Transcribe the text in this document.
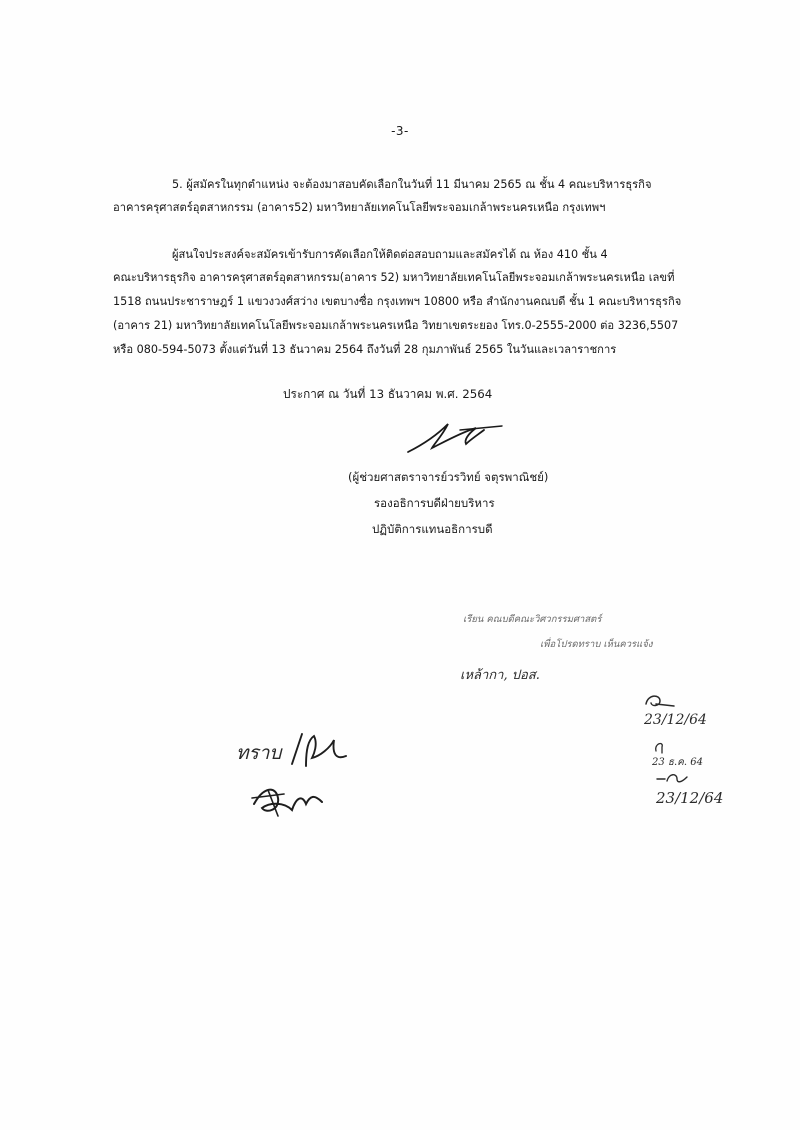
-3-
5. ผู้สมัครในทุกตำแหน่ง จะต้องมาสอบคัดเลือกในวันที่ 11 มีนาคม 2565 ณ ชั้น 4 คณะบริหารธุรกิจ
อาคารครุศาสตร์อุตสาหกรรม (อาคาร52) มหาวิทยาลัยเทคโนโลยีพระจอมเกล้าพระนครเหนือ กรุงเทพฯ
ผู้สนใจประสงค์จะสมัครเข้ารับการคัดเลือกให้ติดต่อสอบถามและสมัครได้ ณ ห้อง 410 ชั้น 4
คณะบริหารธุรกิจ อาคารครุศาสตร์อุตสาหกรรม(อาคาร 52) มหาวิทยาลัยเทคโนโลยีพระจอมเกล้าพระนครเหนือ เลขที่
1518 ถนนประชาราษฎร์ 1 แขวงวงศ์สว่าง เขตบางซื่อ กรุงเทพฯ 10800 หรือ สำนักงานคณบดี ชั้น 1 คณะบริหารธุรกิจ
(อาคาร 21) มหาวิทยาลัยเทคโนโลยีพระจอมเกล้าพระนครเหนือ วิทยาเขตระยอง โทร.0-2555-2000 ต่อ 3236,5507
หรือ 080-594-5073 ตั้งแต่วันที่ 13 ธันวาคม 2564 ถึงวันที่ 28 กุมภาพันธ์ 2565 ในวันและเวลาราชการ
ประกาศ ณ วันที่ 13 ธันวาคม พ.ศ. 2564
(ผู้ช่วยศาสตราจารย์วรวิทย์ จตุรพาณิชย์)
รองอธิการบดีฝ่ายบริหาร
ปฏิบัติการแทนอธิการบดี
เรียน คณบดีคณะวิศวกรรมศาสตร์
เพื่อโปรดทราบ เห็นควรแจ้ง
เหล้ากา, ปอส.
23/12/64
23 ธ.ค. 64
23/12/64
ทราบ
